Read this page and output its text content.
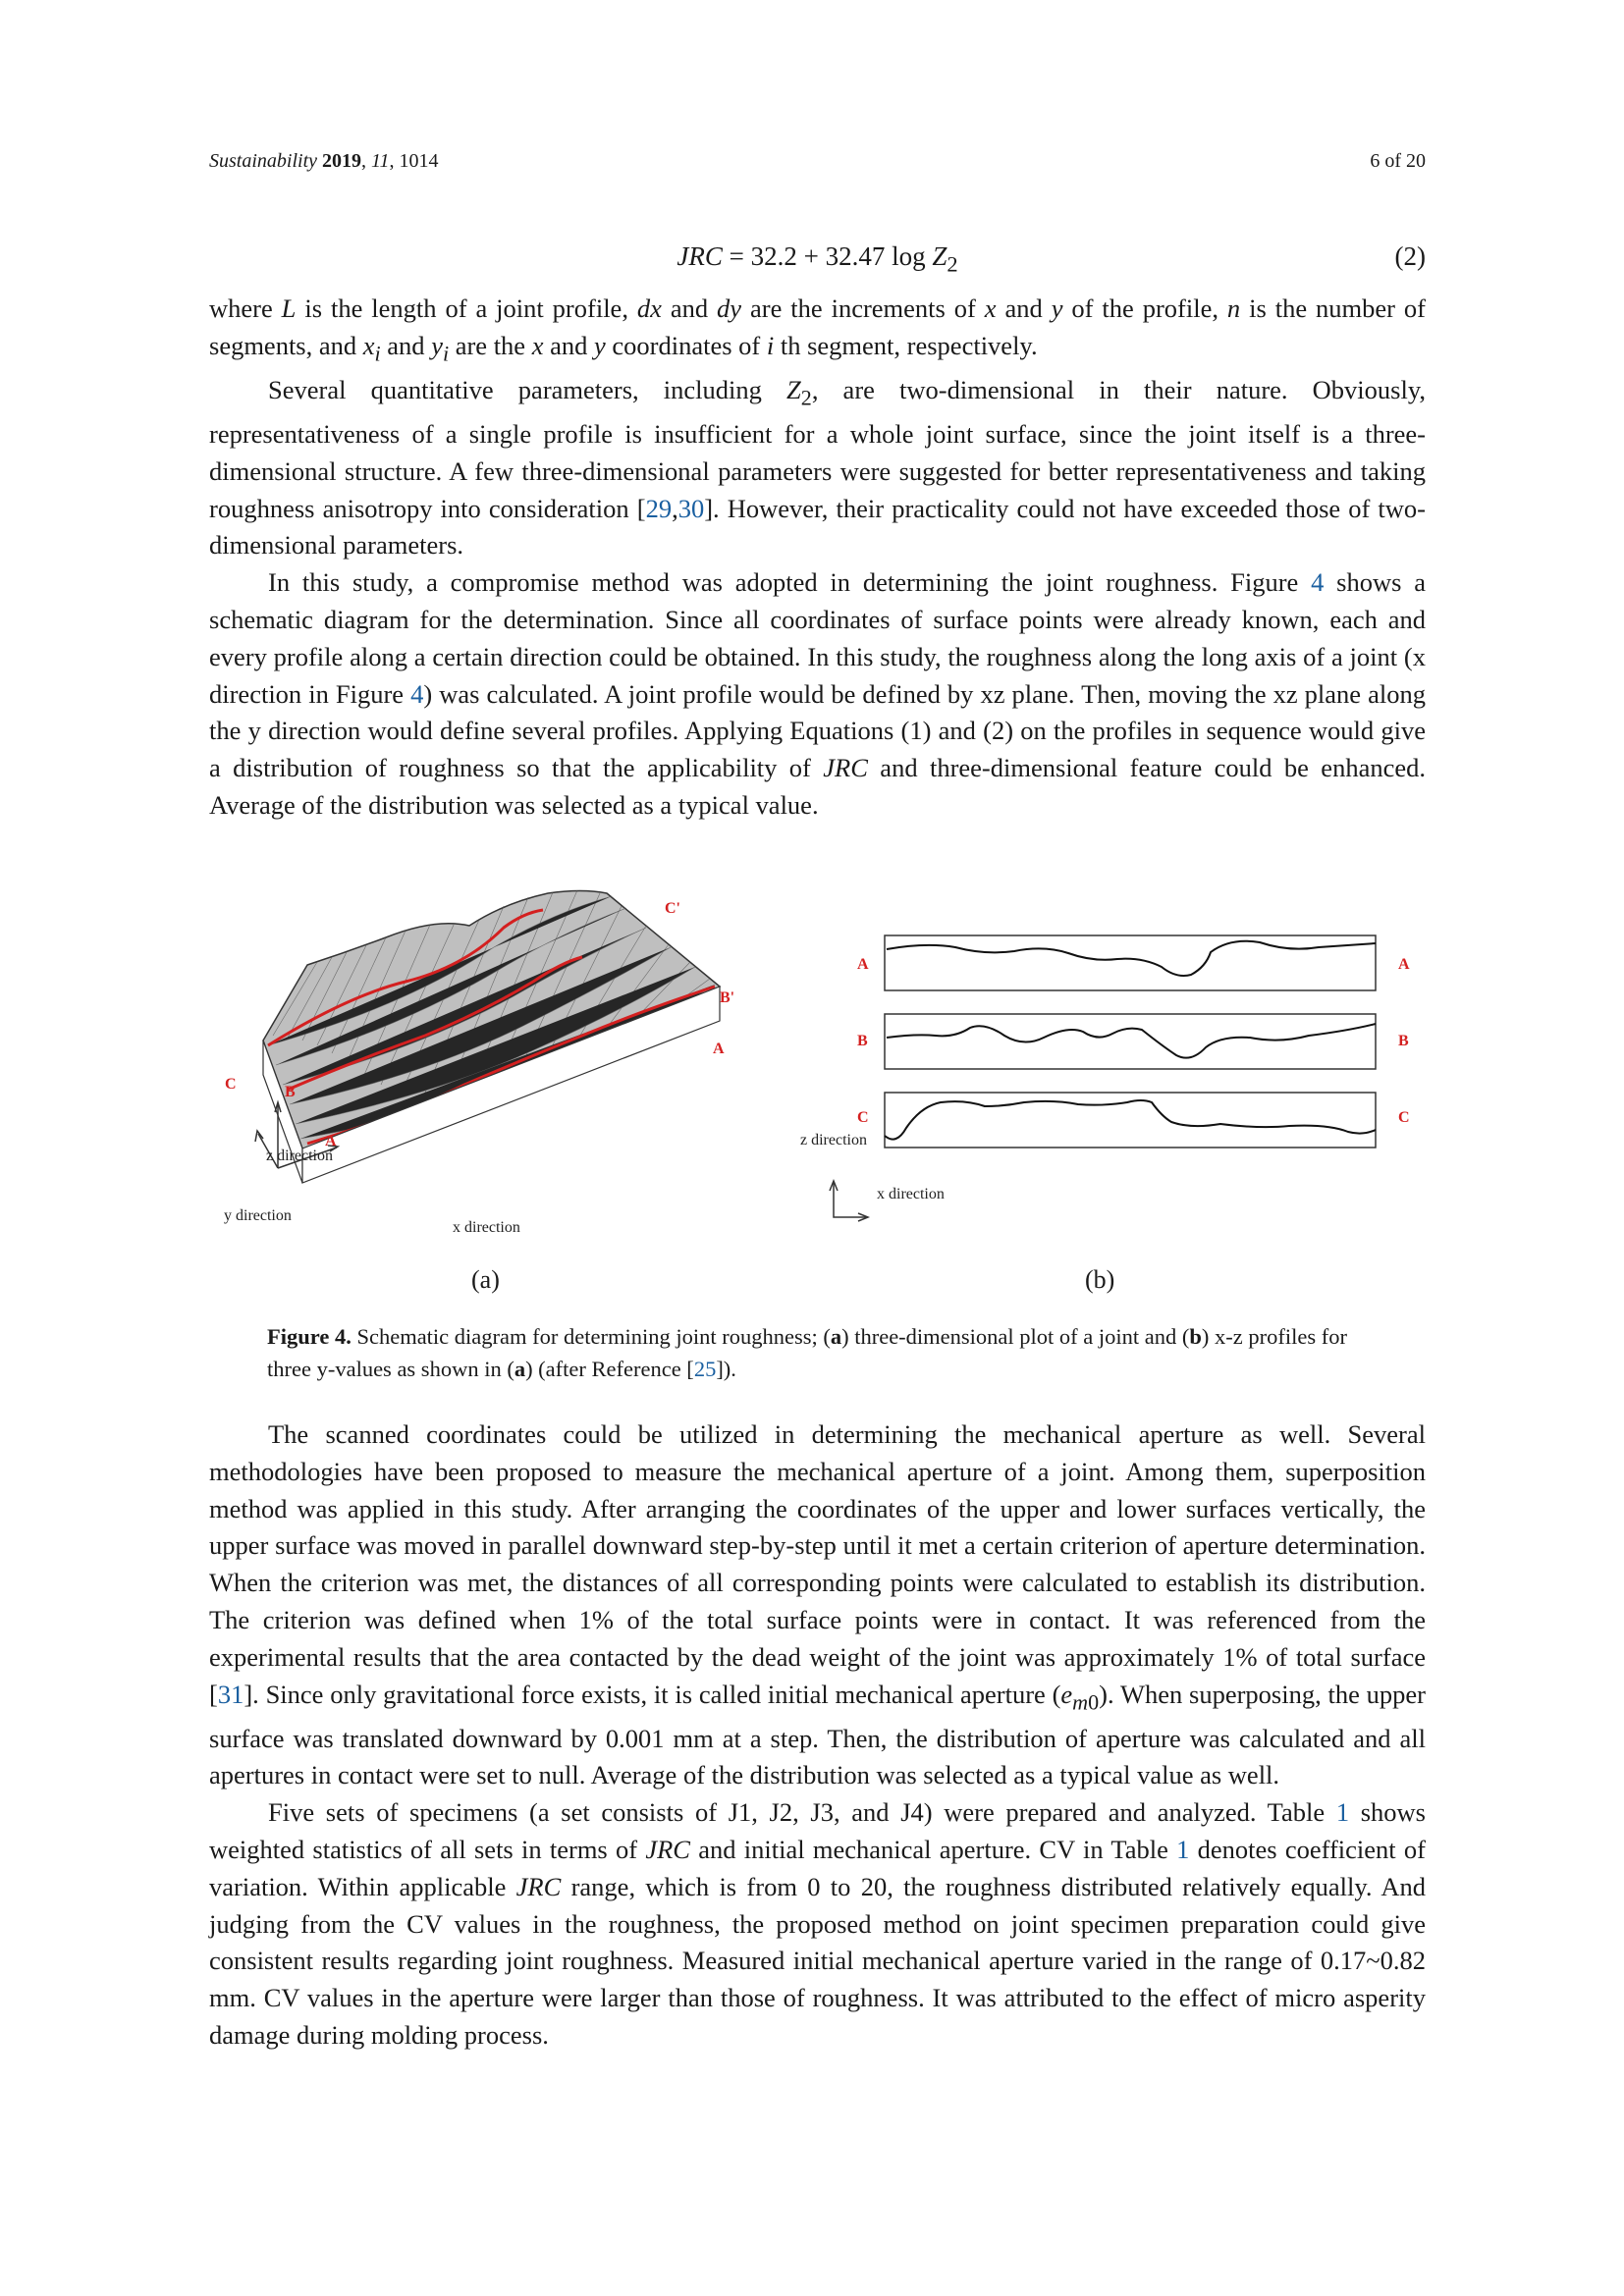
Sustainability 2019, 11, 1014	6 of 20
JRC = 32.2 + 32.47 $\log Z_2$	(2)

where L is the length of a joint profile, dx and dy are the increments of x and y of the profile, n is the number of segments, and $x_i$ and $y_i$ are the x and y coordinates of i th segment, respectively.

Several quantitative parameters, including $Z_2$, are two-dimensional in their nature. Obviously, representativeness of a single profile is insufficient for a whole joint surface, since the joint itself is a three-dimensional structure. A few three-dimensional parameters were suggested for better representativeness and taking roughness anisotropy into consideration [29,30]. However, their practicality could not have exceeded those of two-dimensional parameters.

In this study, a compromise method was adopted in determining the joint roughness. Figure 4 shows a schematic diagram for the determination. Since all coordinates of surface points were already known, each and every profile along a certain direction could be obtained. In this study, the roughness along the long axis of a joint (x direction in Figure 4) was calculated. A joint profile would be defined by xz plane. Then, moving the xz plane along the y direction would define several profiles. Applying Equations (1) and (2) on the profiles in sequence would give a distribution of roughness so that the applicability of JRC and three-dimensional feature could be enhanced. Average of the distribution was selected as a typical value.

C	B
A
A
B'
C'
z direction
y direction
x direction
A	A
B	B
C	C
z direction
x direction
(a)	(b)
Figure 4. Schematic diagram for determining joint roughness; (a) three-dimensional plot of a joint and (b) x-z profiles for three y-values as shown in (a) (after Reference [25]).

The scanned coordinates could be utilized in determining the mechanical aperture as well. Several methodologies have been proposed to measure the mechanical aperture of a joint. Among them, superposition method was applied in this study. After arranging the coordinates of the upper and lower surfaces vertically, the upper surface was moved in parallel downward step-by-step until it met a certain criterion of aperture determination. When the criterion was met, the distances of all corresponding points were calculated to establish its distribution. The criterion was defined when 1% of the total surface points were in contact. It was referenced from the experimental results that the area contacted by the dead weight of the joint was approximately 1% of total surface [31]. Since only gravitational force exists, it is called initial mechanical aperture $(e_{m0})$. When superposing, the upper surface was translated downward by 0.001 mm at a step. Then, the distribution of aperture was calculated and all apertures in contact were set to null. Average of the distribution was selected as a typical value as well.

Five sets of specimens (a set consists of J1, J2, J3, and J4) were prepared and analyzed. Table 1 shows weighted statistics of all sets in terms of JRC and initial mechanical aperture. CV in Table 1 denotes coefficient of variation. Within applicable JRC range, which is from 0 to 20, the roughness distributed relatively equally. And judging from the CV values in the roughness, the proposed method on joint specimen preparation could give consistent results regarding joint roughness. Measured initial mechanical aperture varied in the range of 0.17~0.82 mm. CV values in the aperture were larger than those of roughness. It was attributed to the effect of micro asperity damage during molding process.
